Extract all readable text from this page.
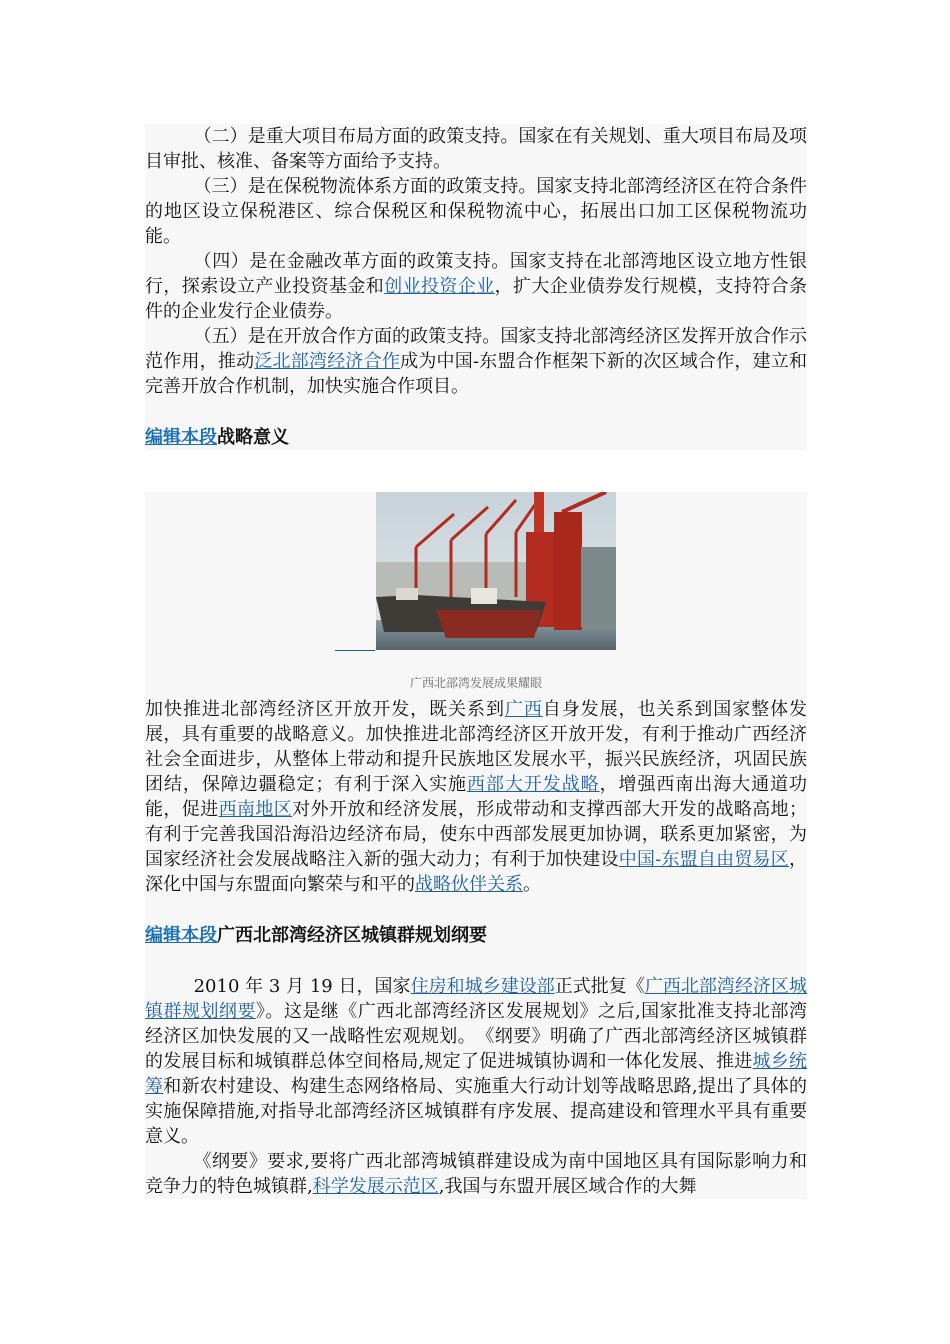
（二）是重大项目布局方面的政策支持。国家在有关规划、重大项目布局及项目审批、核准、备案等方面给予支持。

（三）是在保税物流体系方面的政策支持。国家支持北部湾经济区在符合条件的地区设立保税港区、综合保税区和保税物流中心，拓展出口加工区保税物流功能。

（四）是在金融改革方面的政策支持。国家支持在北部湾地区设立地方性银行，探索设立产业投资基金和创业投资企业，扩大企业债券发行规模，支持符合条件的企业发行企业债券。

（五）是在开放合作方面的政策支持。国家支持北部湾经济区发挥开放合作示范作用，推动泛北部湾经济合作成为中国-东盟合作框架下新的次区域合作，建立和完善开放合作机制，加快实施合作项目。

编辑本段战略意义

广西北部湾发展成果耀眼

加快推进北部湾经济区开放开发，既关系到广西自身发展，也关系到国家整体发展，具有重要的战略意义。加快推进北部湾经济区开放开发，有利于推动广西经济社会全面进步，从整体上带动和提升民族地区发展水平，振兴民族经济，巩固民族团结，保障边疆稳定；有利于深入实施西部大开发战略，增强西南出海大通道功能，促进西南地区对外开放和经济发展，形成带动和支撑西部大开发的战略高地；有利于完善我国沿海沿边经济布局，使东中西部发展更加协调，联系更加紧密，为国家经济社会发展战略注入新的强大动力；有利于加快建设中国-东盟自由贸易区，深化中国与东盟面向繁荣与和平的战略伙伴关系。

编辑本段广西北部湾经济区城镇群规划纲要

2010 年 3 月 19 日，国家住房和城乡建设部正式批复《广西北部湾经济区城镇群规划纲要》。这是继《广西北部湾经济区发展规划》之后,国家批准支持北部湾经济区加快发展的又一战略性宏观规划。　《纲要》明确了广西北部湾经济区城镇群的发展目标和城镇群总体空间格局,规定了促进城镇协调和一体化发展、推进城乡统筹和新农村建设、构建生态网络格局、实施重大行动计划等战略思路,提出了具体的实施保障措施,对指导北部湾经济区城镇群有序发展、提高建设和管理水平具有重要意义。

《纲要》要求,要将广西北部湾城镇群建设成为南中国地区具有国际影响力和竞争力的特色城镇群,科学发展示范区,我国与东盟开展区域合作的大舞
